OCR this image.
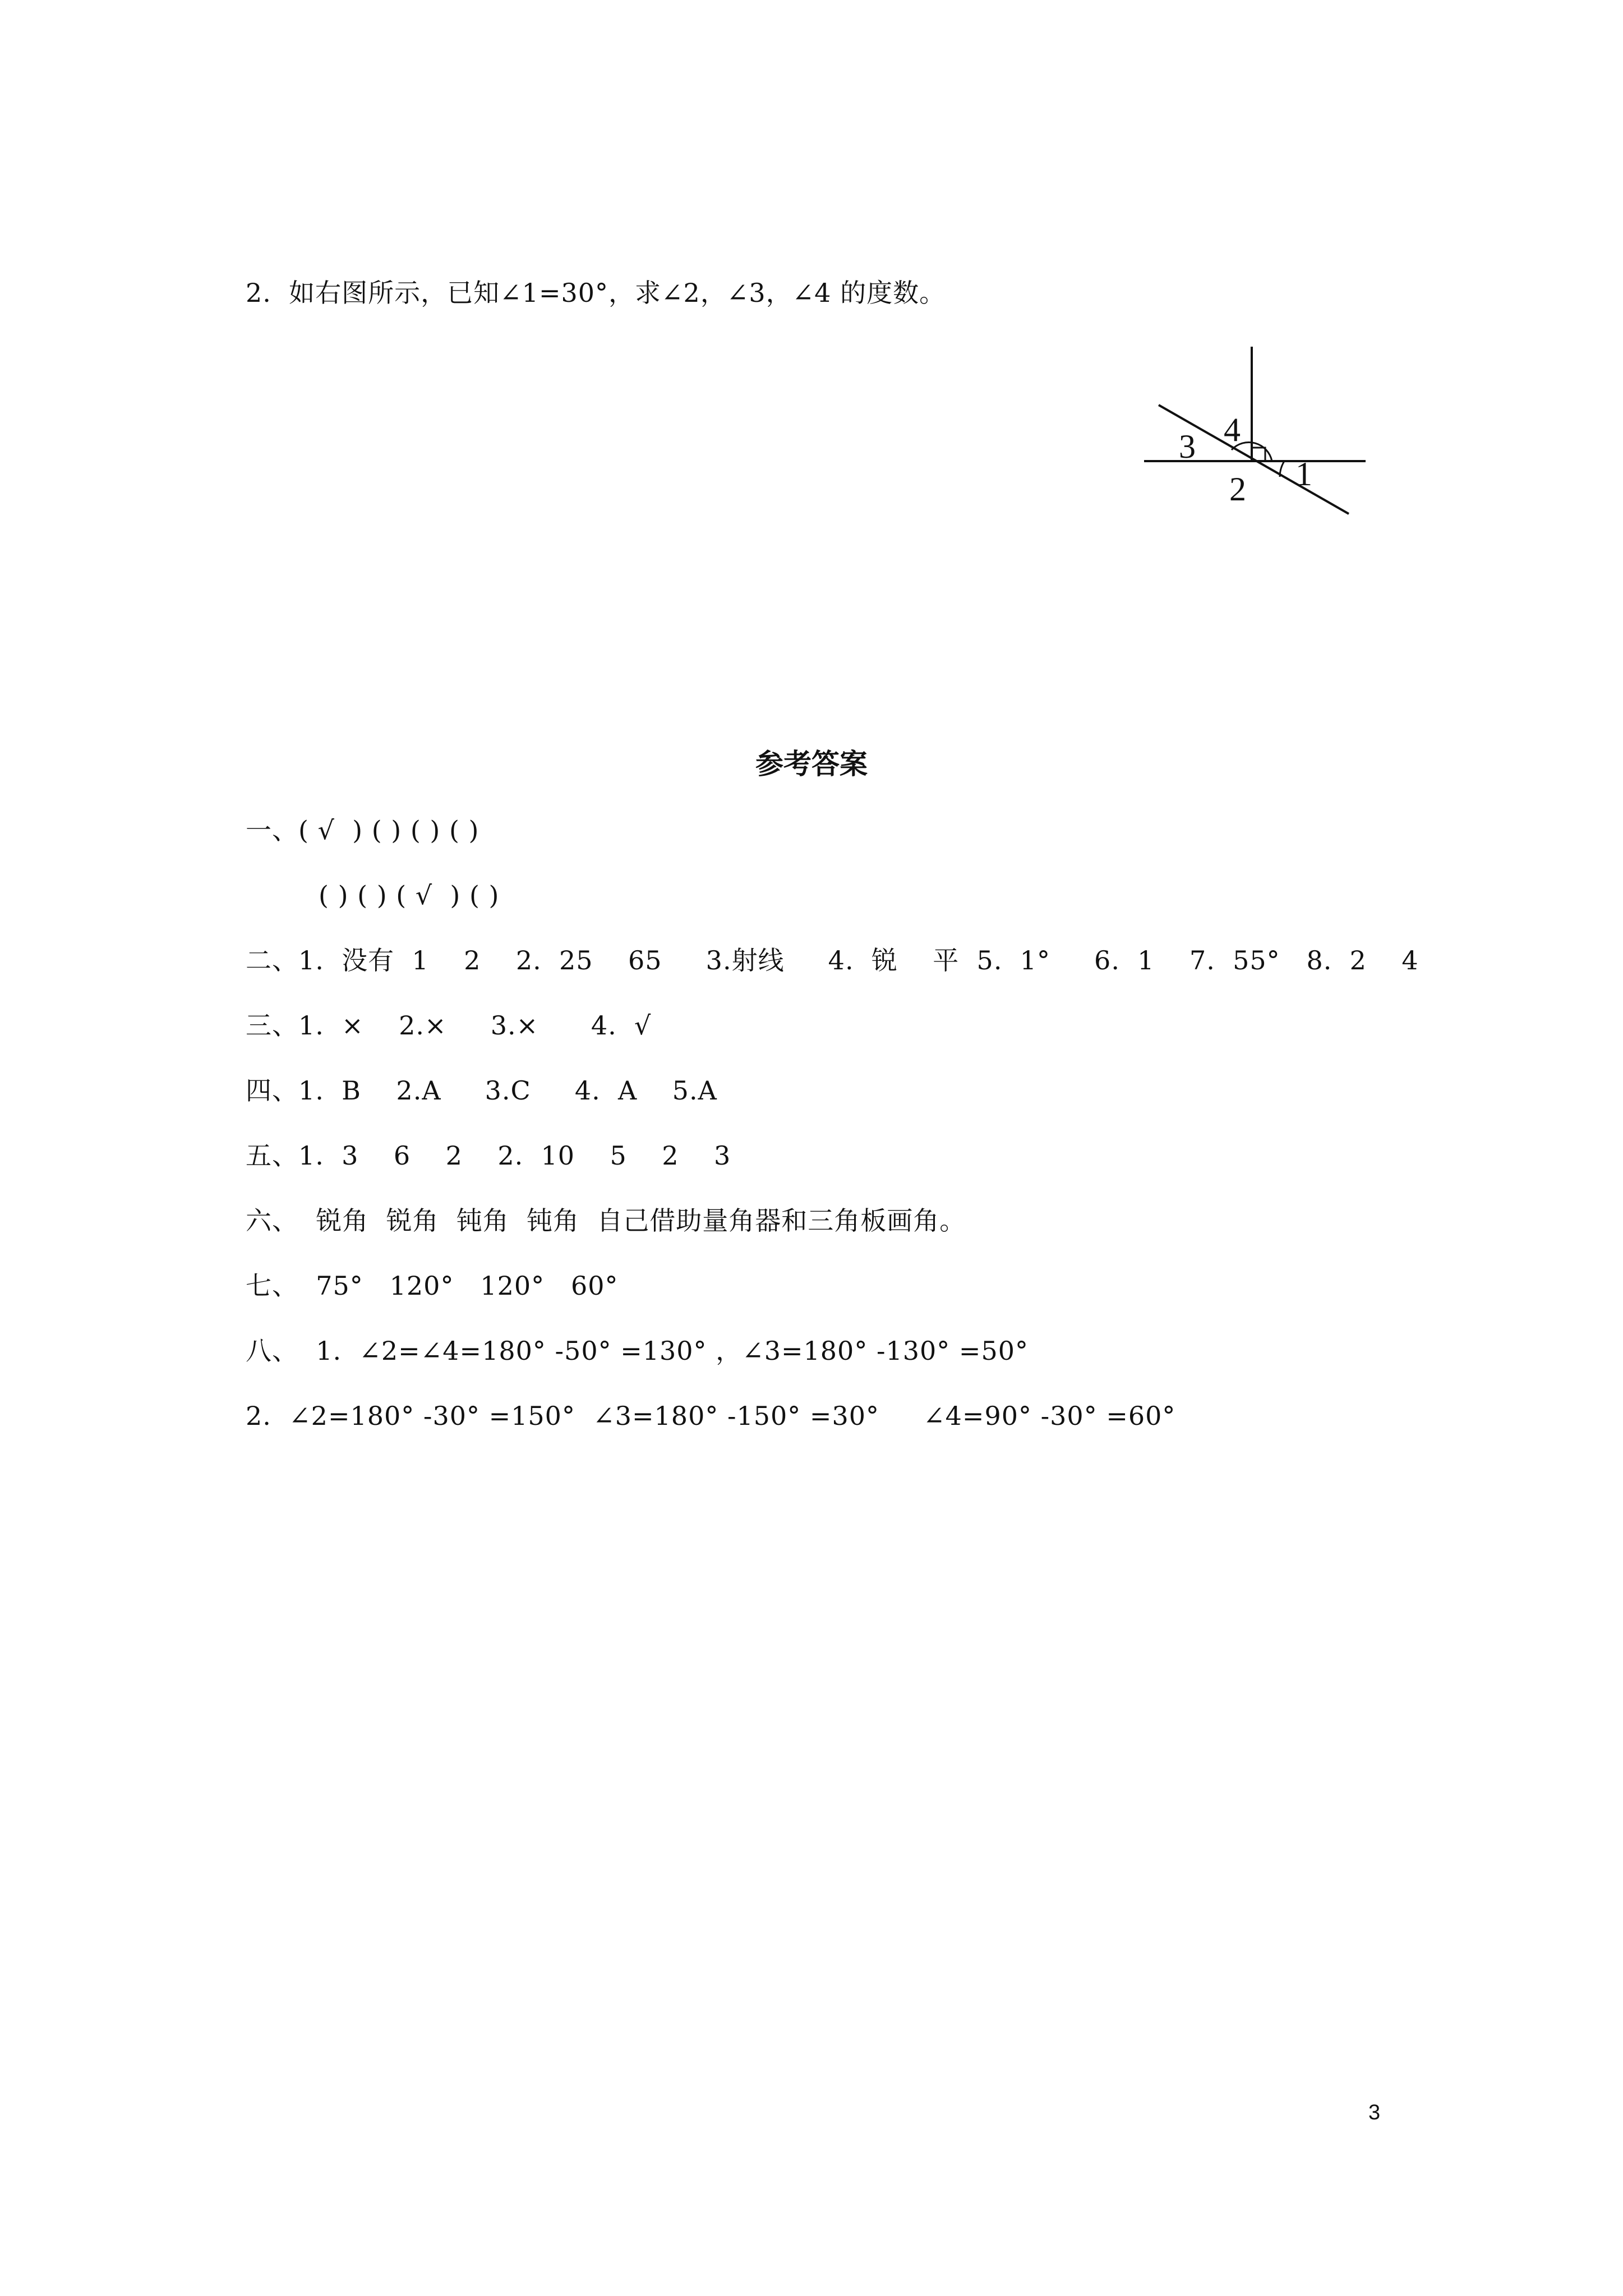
2.  如右图所示，已知∠1=30°，求∠2，∠3，∠4 的度数。
4
3
2 1
参考答案
一、( √  ) ( ) ( ) ( )
( ) ( ) ( √  ) ( )
二、1.  没有  1    2    2.  25    65     3.射线     4.  锐    平  5.  1°     6.  1    7.  55°   8.  2    4
三、1.  ×    2.×     3.×      4.  √
四、1.  B    2.A     3.C     4.  A    5.A
五、1.  3    6    2    2.  10    5    2    3
六、  锐角  锐角  钝角  钝角  自己借助量角器和三角板画角。
七、  75°   120°   120°   60°
八、  1.  ∠2=∠4=180° -50° =130° ，∠3=180° -130° =50°
2.  ∠2=180° -30° =150°  ∠3=180° -150° =30°     ∠4=90° -30° =60°
3
